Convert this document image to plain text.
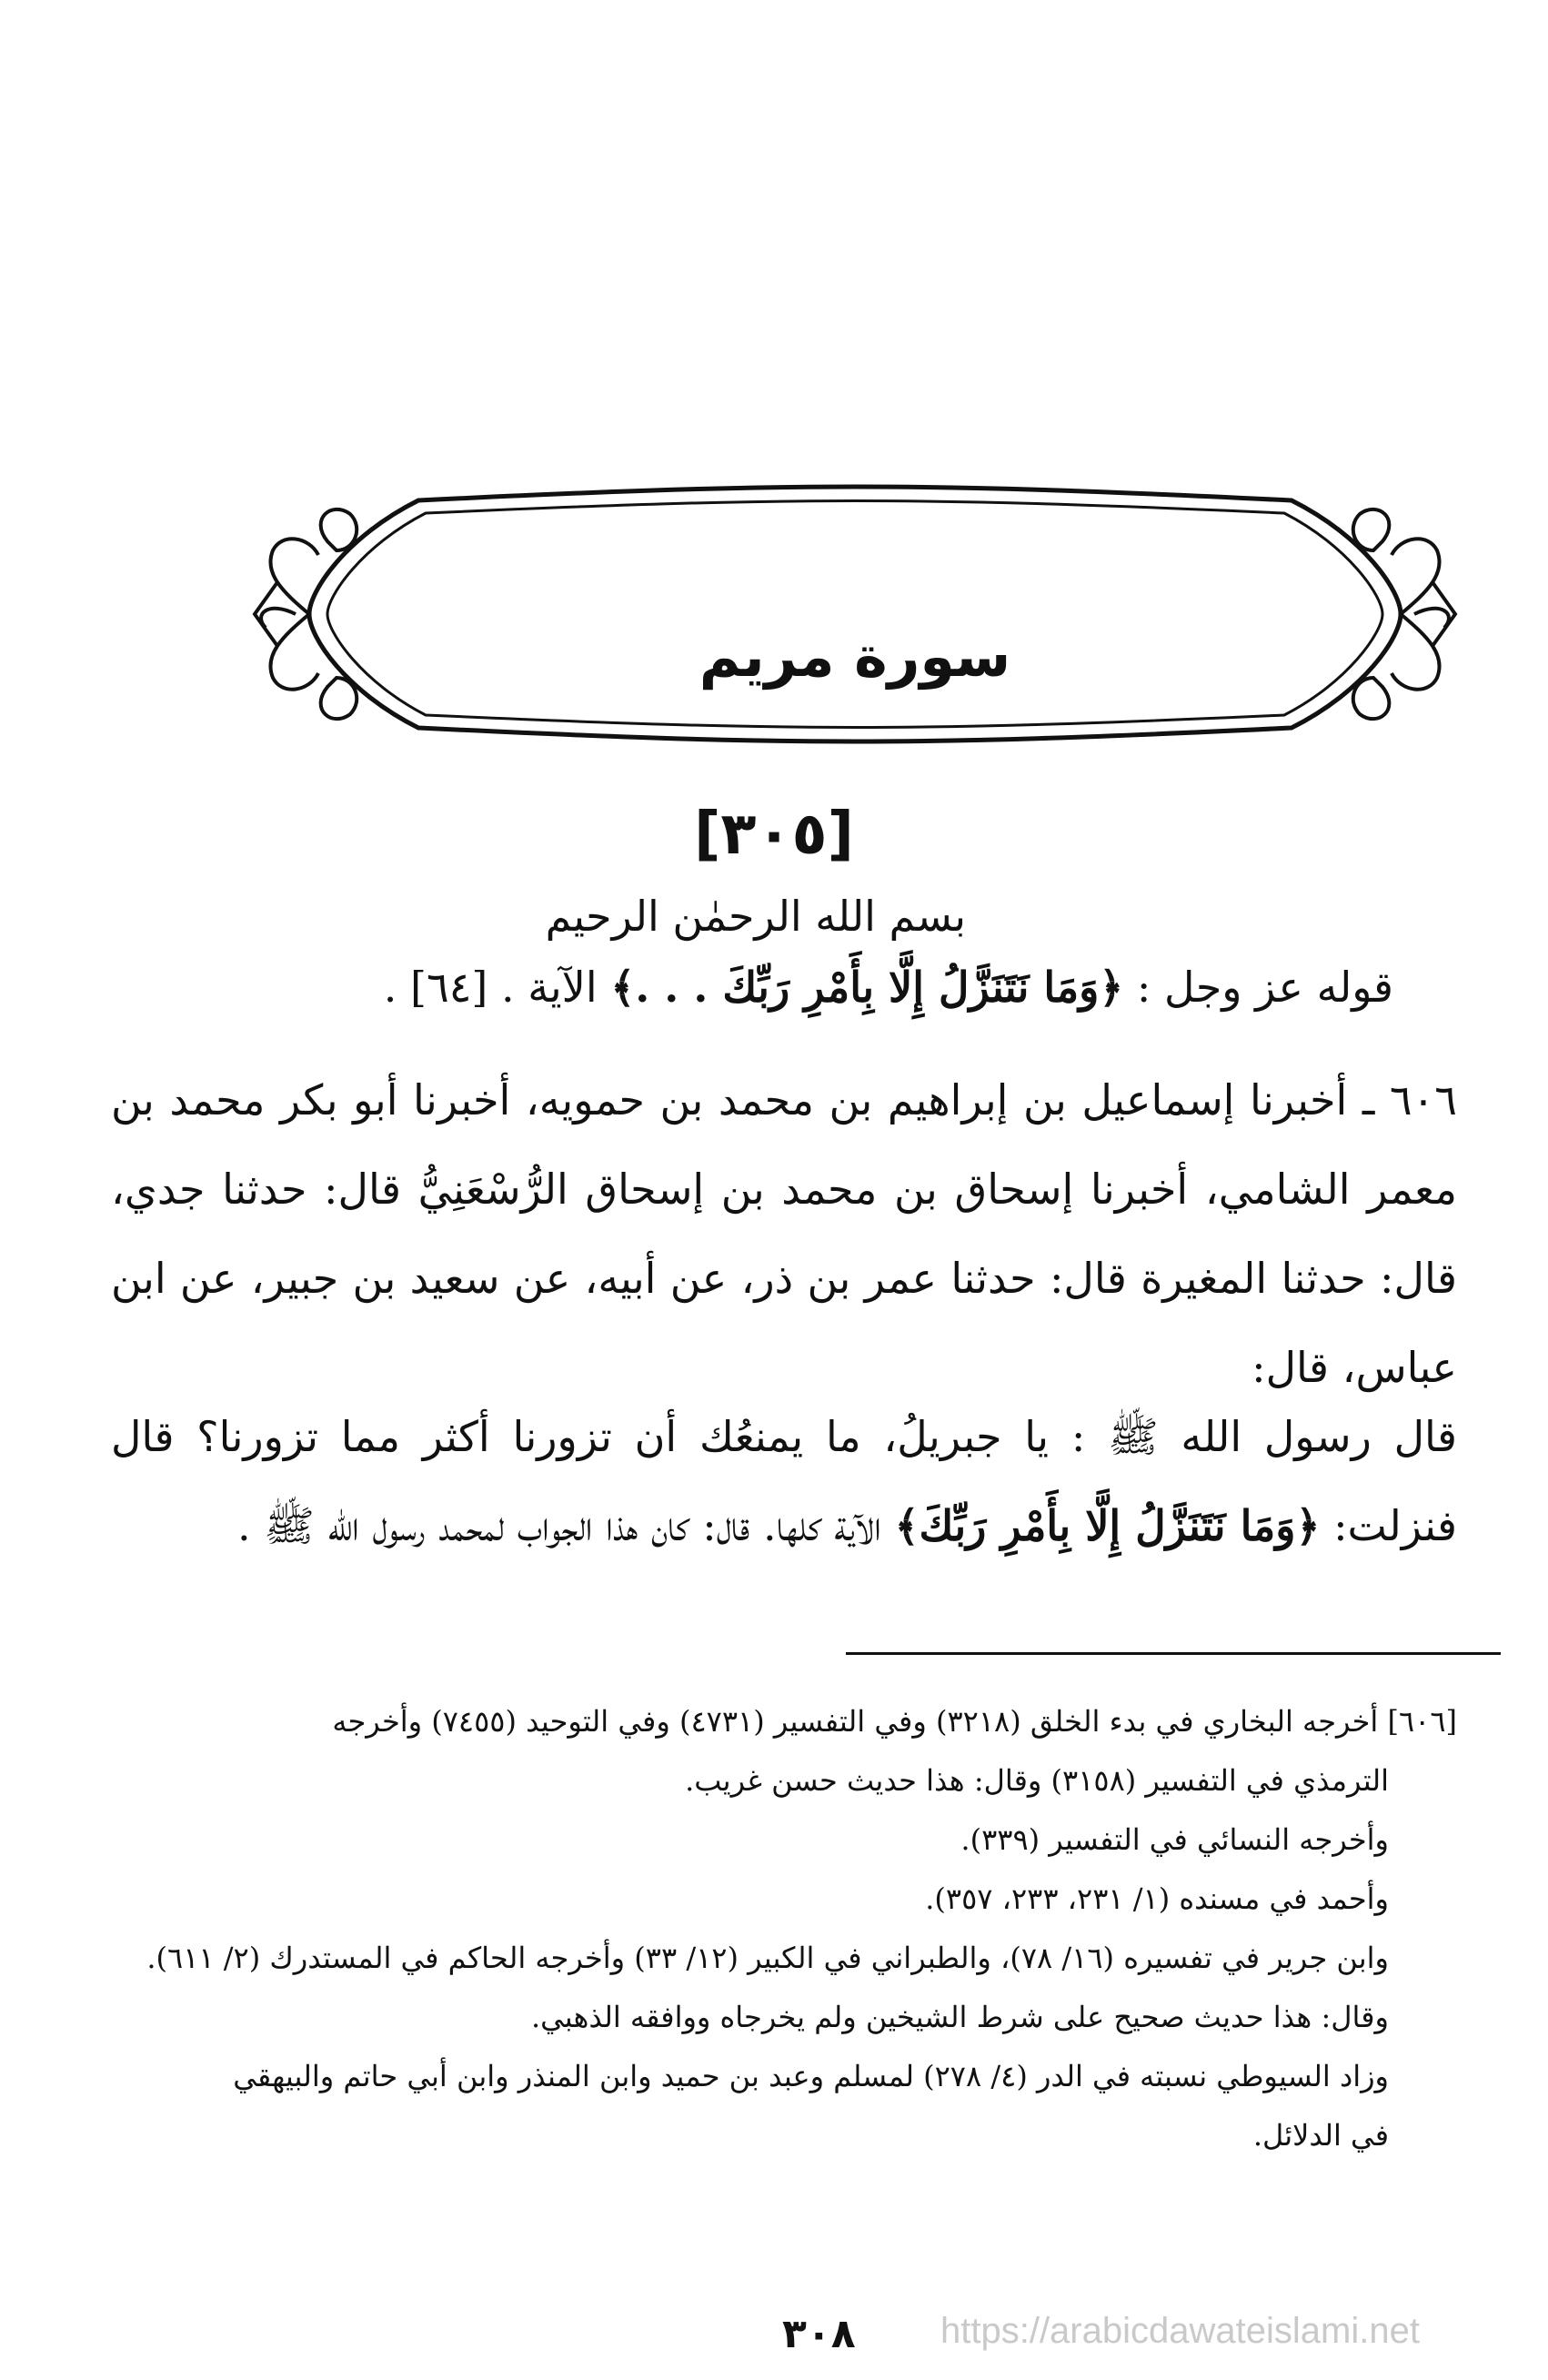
سورة مريم
[٣٠٥]
بسم الله الرحمٰن الرحيم
قوله عز وجل : ﴿وَمَا نَتَنَزَّلُ إِلَّا بِأَمْرِ رَبِّكَ . . .﴾ الآية . [٦٤] .

٦٠٦ ـ أخبرنا إسماعيل بن إبراهيم بن محمد بن حمويه، أخبرنا أبو بكر محمد بن معمر الشامي، أخبرنا إسحاق بن محمد بن إسحاق الرُّسْعَنِيُّ قال: حدثنا جدي، قال: حدثنا المغيرة قال: حدثنا عمر بن ذر، عن أبيه، عن سعيد بن جبير، عن ابن عباس، قال:

قال رسول الله ﷺ : يا جبريلُ، ما يمنعُك أن تزورنا أكثر مما تزورنا؟ قال فنزلت: ﴿وَمَا نَتَنَزَّلُ إِلَّا بِأَمْرِ رَبِّكَ﴾ الآية كلها. قال: كان هذا الجواب لمحمد رسول الله ﷺ .

[٦٠٦] أخرجه البخاري في بدء الخلق (٣٢١٨) وفي التفسير (٤٧٣١) وفي التوحيد (٧٤٥٥) وأخرجه
الترمذي في التفسير (٣١٥٨) وقال: هذا حديث حسن غريب.
وأخرجه النسائي في التفسير (٣٣٩).
وأحمد في مسنده (١/ ٢٣١، ٢٣٣، ٣٥٧).
وابن جرير في تفسيره (١٦/ ٧٨)، والطبراني في الكبير (١٢/ ٣٣) وأخرجه الحاكم في المستدرك (٢/ ٦١١).
وقال: هذا حديث صحيح على شرط الشيخين ولم يخرجاه ووافقه الذهبي.
وزاد السيوطي نسبته في الدر (٤/ ٢٧٨) لمسلم وعبد بن حميد وابن المنذر وابن أبي حاتم والبيهقي
في الدلائل.
٣٠٨ https://arabicdawateislami.net
